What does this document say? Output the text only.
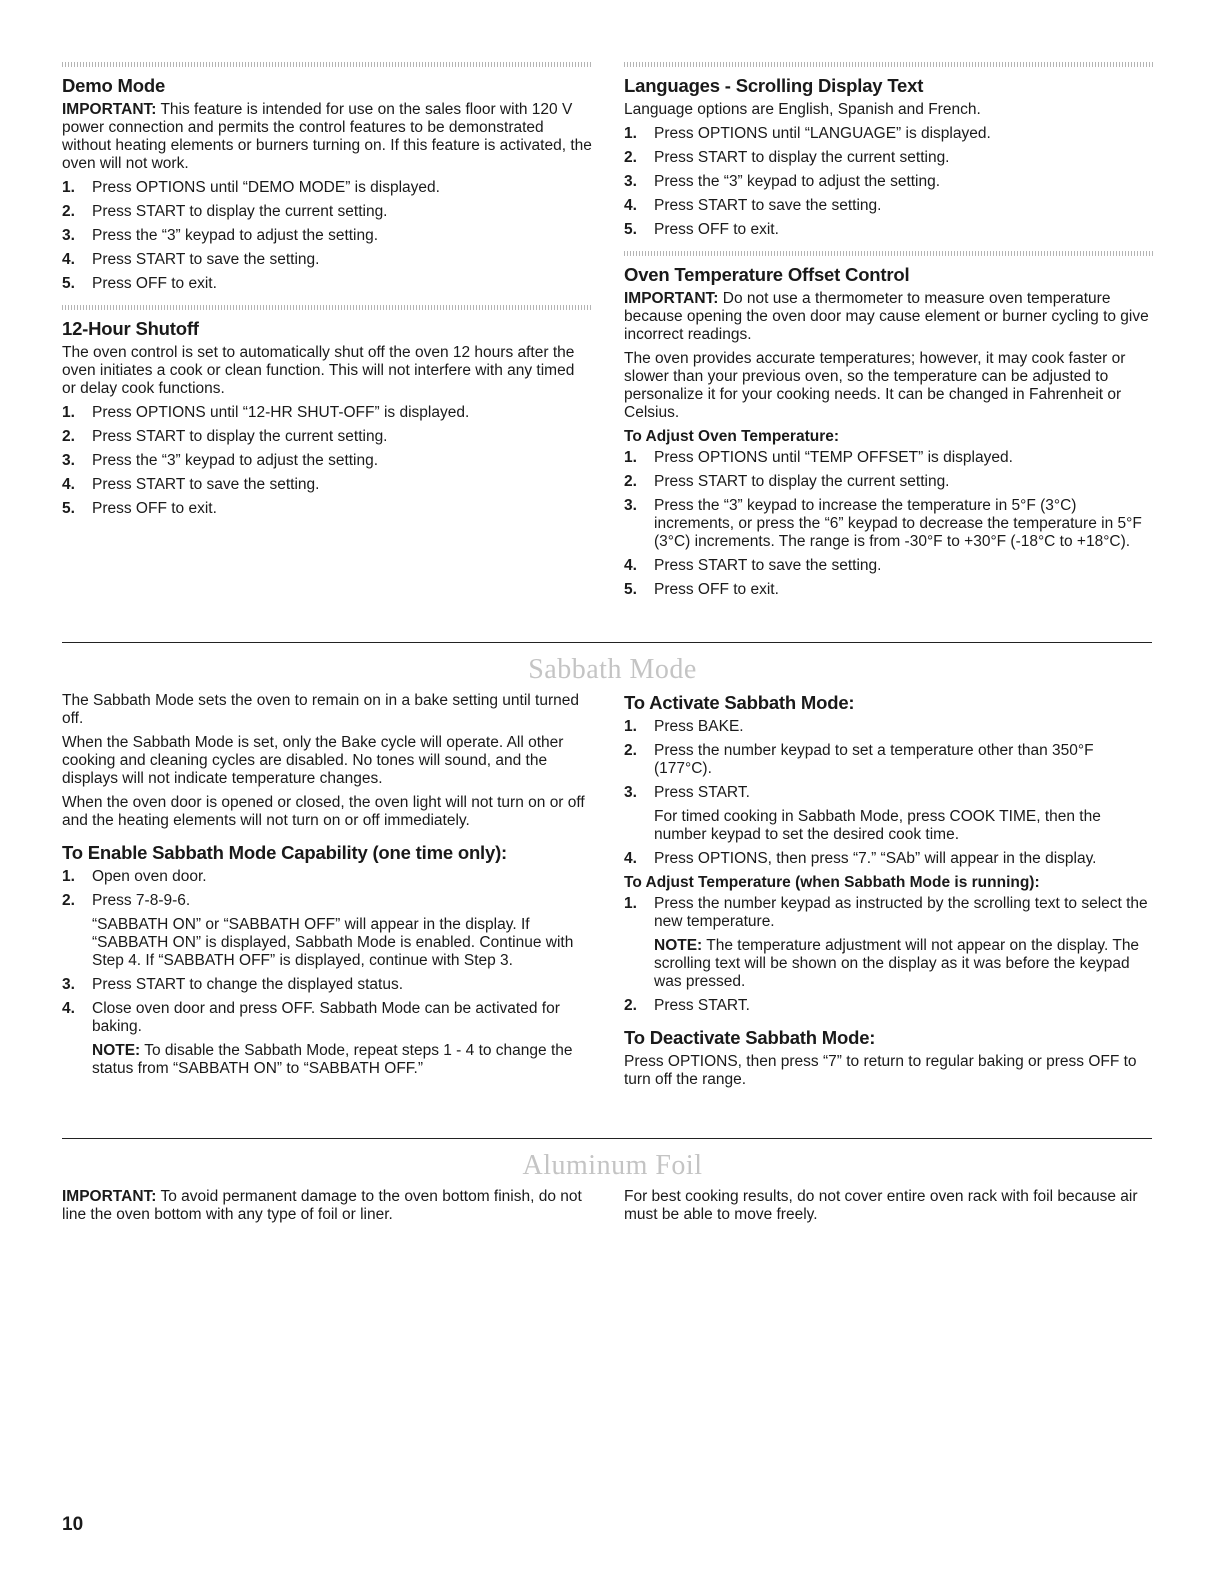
Demo Mode

IMPORTANT: This feature is intended for use on the sales floor with 120 V power connection and permits the control features to be demonstrated without heating elements or burners turning on. If this feature is activated, the oven will not work.

1. Press OPTIONS until “DEMO MODE” is displayed.
2. Press START to display the current setting.
3. Press the “3” keypad to adjust the setting.
4. Press START to save the setting.
5. Press OFF to exit.
12-Hour Shutoff

The oven control is set to automatically shut off the oven 12 hours after the oven initiates a cook or clean function. This will not interfere with any timed or delay cook functions.

1. Press OPTIONS until “12-HR SHUT-OFF” is displayed.
2. Press START to display the current setting.
3. Press the “3” keypad to adjust the setting.
4. Press START to save the setting.
5. Press OFF to exit.
Languages - Scrolling Display Text

Language options are English, Spanish and French.

1. Press OPTIONS until “LANGUAGE” is displayed.
2. Press START to display the current setting.
3. Press the “3” keypad to adjust the setting.
4. Press START to save the setting.
5. Press OFF to exit.
Oven Temperature Offset Control

IMPORTANT: Do not use a thermometer to measure oven temperature because opening the oven door may cause element or burner cycling to give incorrect readings.

The oven provides accurate temperatures; however, it may cook faster or slower than your previous oven, so the temperature can be adjusted to personalize it for your cooking needs. It can be changed in Fahrenheit or Celsius.

To Adjust Oven Temperature:
1. Press OPTIONS until “TEMP OFFSET” is displayed.
2. Press START to display the current setting.
3. Press the “3” keypad to increase the temperature in 5°F (3°C) increments, or press the “6” keypad to decrease the temperature in 5°F (3°C) increments. The range is from -30°F to +30°F (-18°C to +18°C).
4. Press START to save the setting.
5. Press OFF to exit.
Sabbath Mode

The Sabbath Mode sets the oven to remain on in a bake setting until turned off.

When the Sabbath Mode is set, only the Bake cycle will operate. All other cooking and cleaning cycles are disabled. No tones will sound, and the displays will not indicate temperature changes.

When the oven door is opened or closed, the oven light will not turn on or off and the heating elements will not turn on or off immediately.

To Enable Sabbath Mode Capability (one time only):
1. Open oven door.
2. Press 7-8-9-6.

“SABBATH ON” or “SABBATH OFF” will appear in the display. If “SABBATH ON” is displayed, Sabbath Mode is enabled. Continue with Step 4. If “SABBATH OFF” is displayed, continue with Step 3.

3. Press START to change the displayed status.
4. Close oven door and press OFF. Sabbath Mode can be activated for baking.

NOTE: To disable the Sabbath Mode, repeat steps 1 - 4 to change the status from “SABBATH ON” to “SABBATH OFF.”

To Activate Sabbath Mode:
1. Press BAKE.
2. Press the number keypad to set a temperature other than 350°F (177°C).
3. Press START.

For timed cooking in Sabbath Mode, press COOK TIME, then the number keypad to set the desired cook time.

4. Press OPTIONS, then press “7.” “SAb” will appear in the display.
To Adjust Temperature (when Sabbath Mode is running):
1. Press the number keypad as instructed by the scrolling text to select the new temperature.

NOTE: The temperature adjustment will not appear on the display. The scrolling text will be shown on the display as it was before the keypad was pressed.

2. Press START.
To Deactivate Sabbath Mode:

Press OPTIONS, then press “7” to return to regular baking or press OFF to turn off the range.

Aluminum Foil

IMPORTANT: To avoid permanent damage to the oven bottom finish, do not line the oven bottom with any type of foil or liner.

For best cooking results, do not cover entire oven rack with foil because air must be able to move freely.

10
